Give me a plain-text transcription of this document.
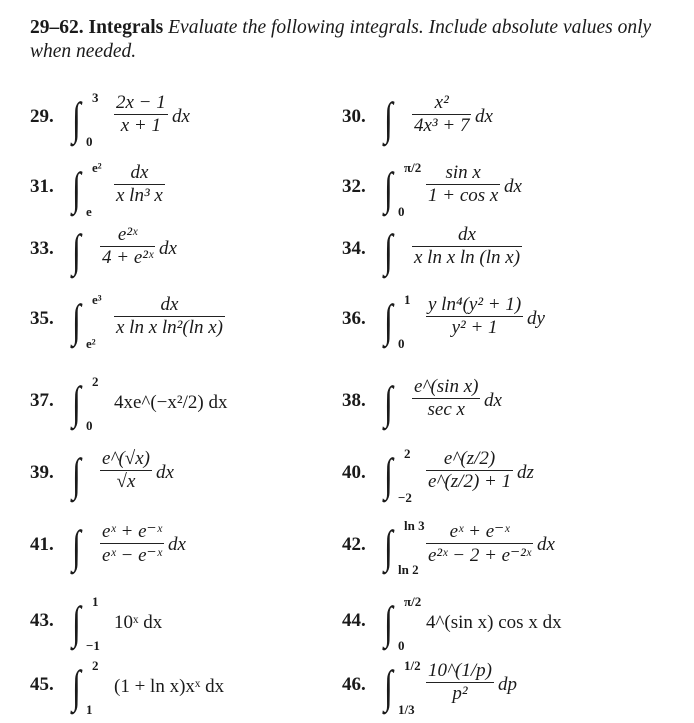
29–62. Integrals Evaluate the following integrals. Include absolute values only when needed.
29. ∫ 3
0
2x − 1
x + 1 dx	30. ∫ x²
4x³ + 7 dx
31. ∫ e²
e
dx
x ln³ x	32. ∫ π/2
0
sin x
1 + cos x dx
33. ∫ e²ˣ
4 + e²ˣ dx	34. ∫	dx
x ln x ln (ln x)
35. ∫ e³
e²
dx
x ln x ln²(ln x)	36. ∫ 1
0
y ln⁴(y² + 1)
y² + 1 dy
37. ∫ 2
0
4xe^(−x²/2) dx	38. ∫ e^(sin x)
sec x dx
39. ∫ e^(√x)
√x dx	40. ∫ 2
−2
e^(z/2)
e^(z/2) + 1 dz
41. ∫ eˣ + e⁻ˣ
eˣ − e⁻ˣ
dx	42. ∫ ln 3
ln 2
eˣ + e⁻ˣ
e²ˣ − 2 + e⁻²ˣ
dx
43. ∫ 1
−1
10ˣ dx	44. ∫ π/2
0
4^(sin x) cos x dx
45. ∫ 2
1
(1 + ln x)xˣ dx	46. ∫ 1/2
1/3
10^(1/p)
p² dp
